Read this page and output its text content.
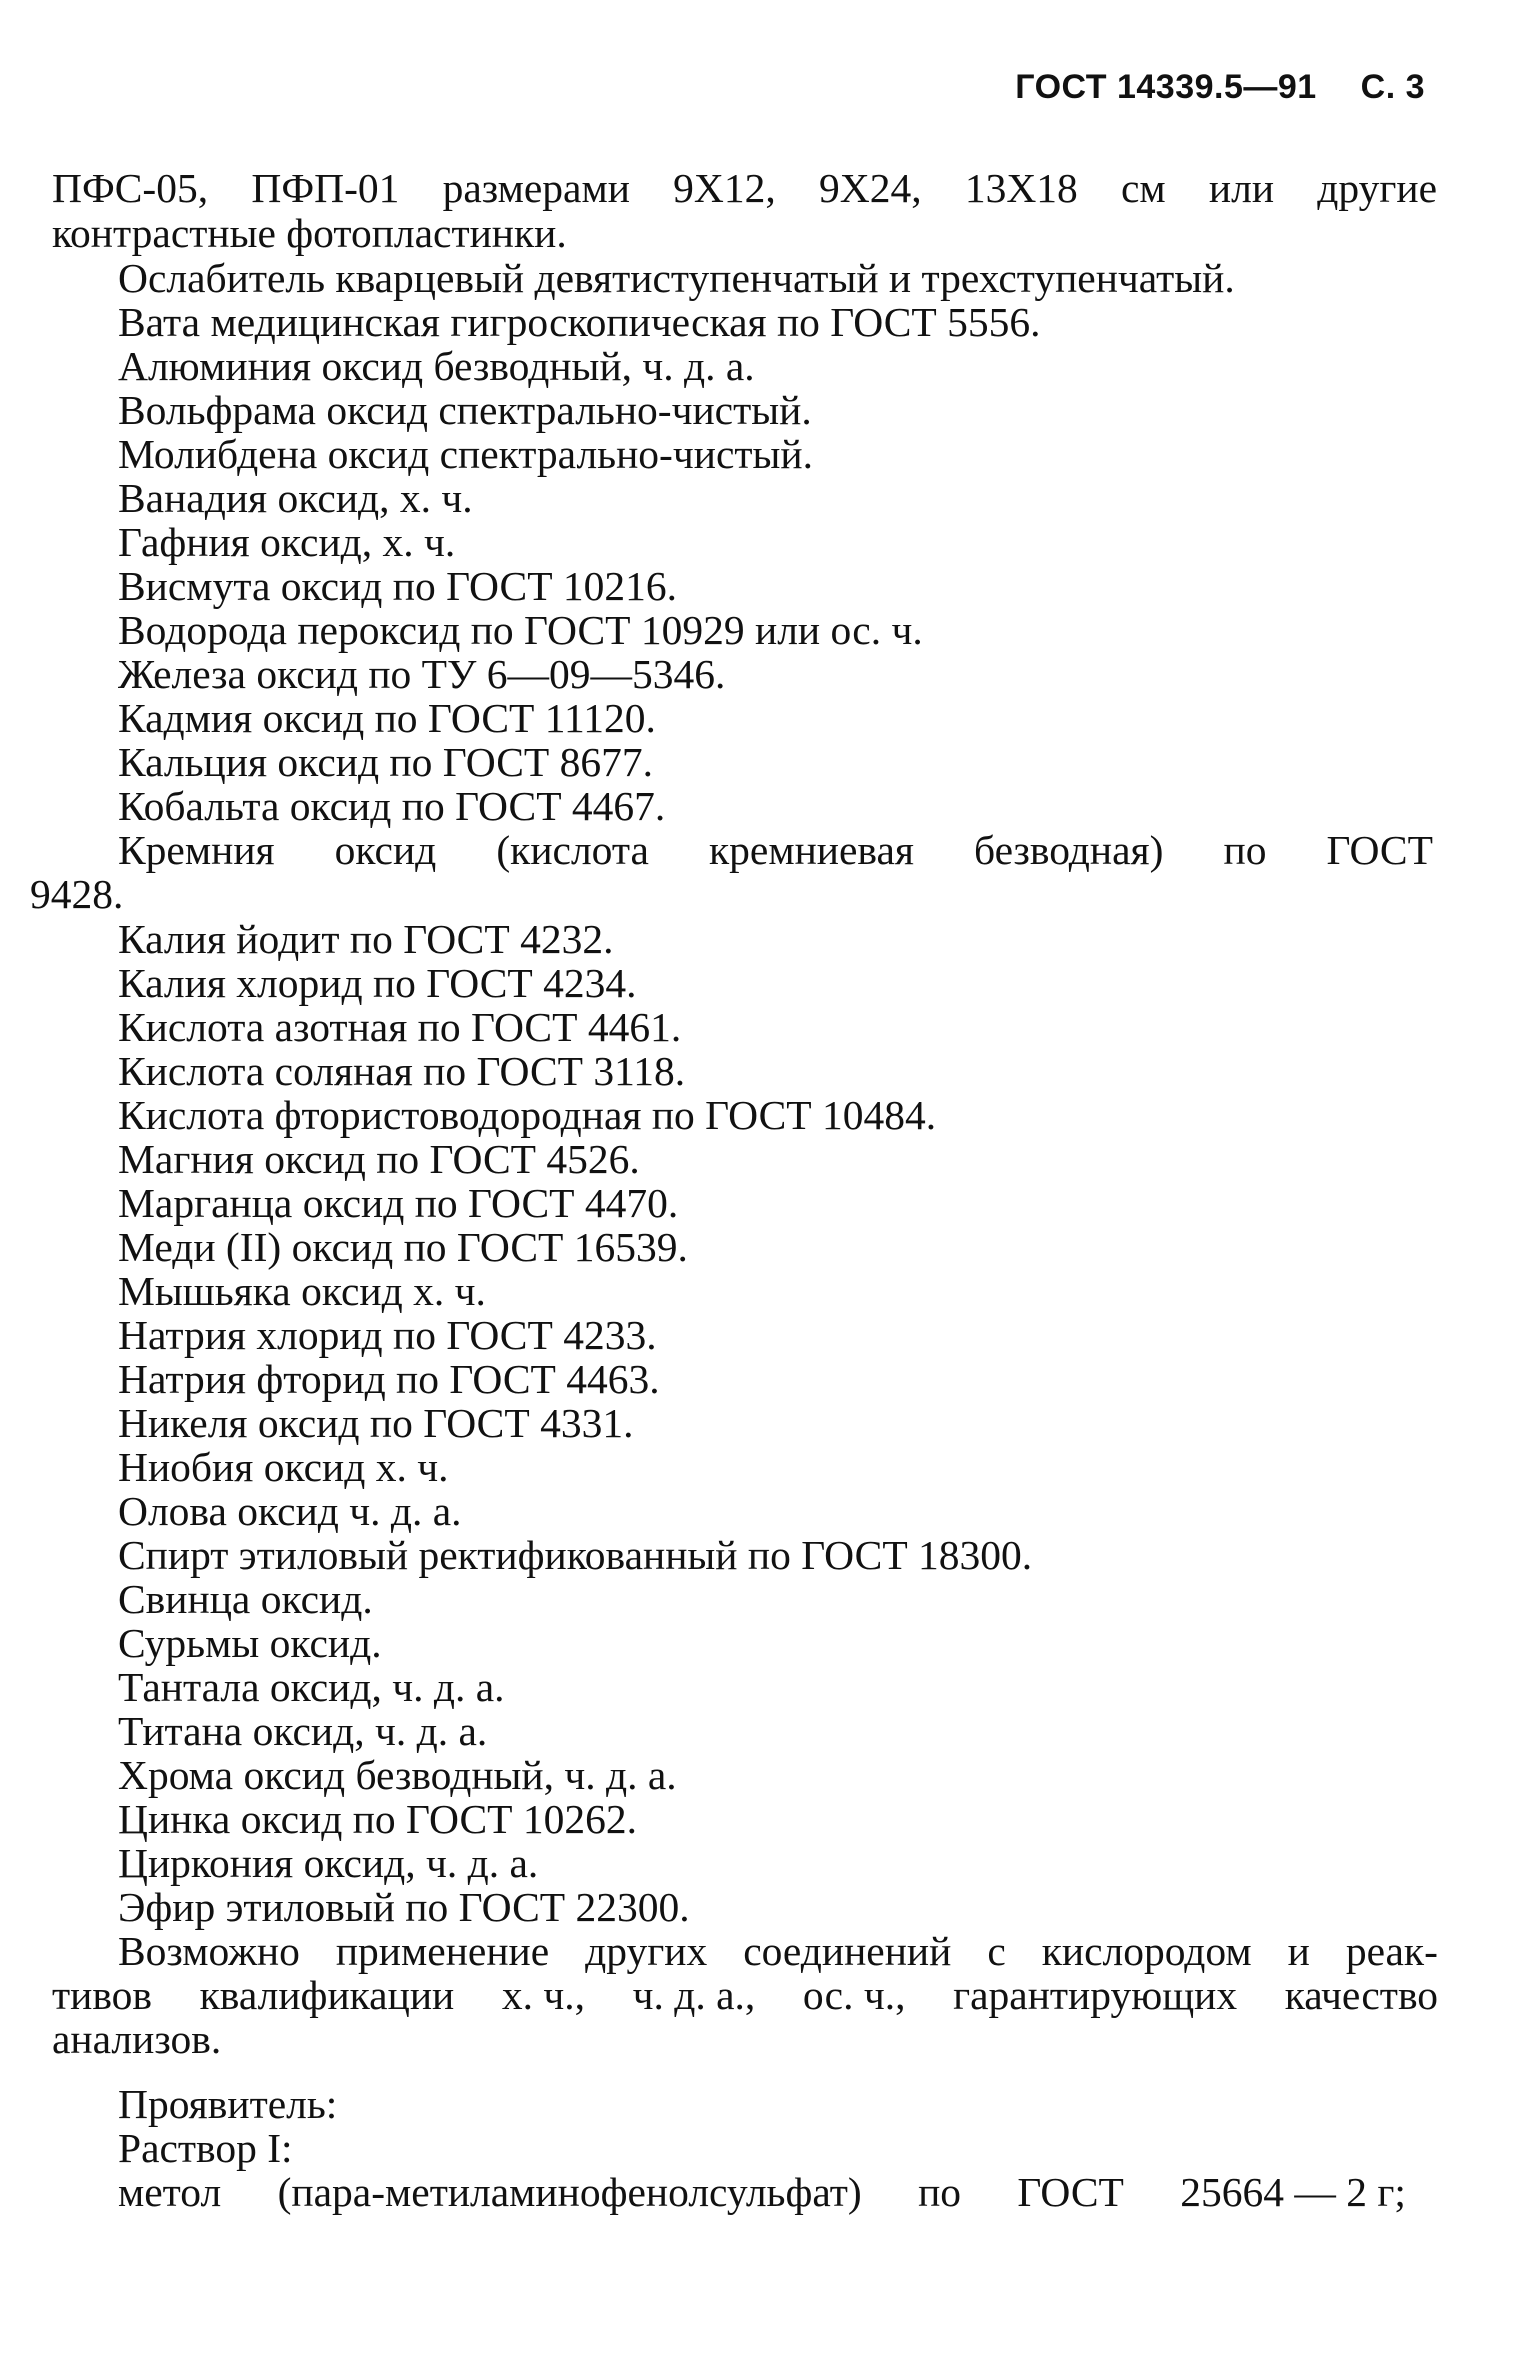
ГОСТ 14339.5—91 С. 3
ПФС-05, ПФП-01 размерами 9Х12, 9Х24, 13Х18 см или другие
контрастные фотопластинки.
Ослабитель кварцевый девятиступенчатый и трехступенчатый.
Вата медицинская гигроскопическая по ГОСТ 5556.
Алюминия оксид безводный, ч. д. а.
Вольфрама оксид спектрально-чистый.
Молибдена оксид спектрально-чистый.
Ванадия оксид, х. ч.
Гафния оксид, х. ч.
Висмута оксид по ГОСТ 10216.
Водорода пероксид по ГОСТ 10929 или ос. ч.
Железа оксид по ТУ 6—09—5346.
Кадмия оксид по ГОСТ 11120.
Кальция оксид по ГОСТ 8677.
Кобальта оксид по ГОСТ 4467.
Кремния оксид (кислота кремниевая безводная) по ГОСТ
9428.
Калия йодит по ГОСТ 4232.
Калия хлорид по ГОСТ 4234.
Кислота азотная по ГОСТ 4461.
Кислота соляная по ГОСТ 3118.
Кислота фтористоводородная по ГОСТ 10484.
Магния оксид по ГОСТ 4526.
Марганца оксид по ГОСТ 4470.
Меди (II) оксид по ГОСТ 16539.
Мышьяка оксид х. ч.
Натрия хлорид по ГОСТ 4233.
Натрия фторид по ГОСТ 4463.
Никеля оксид по ГОСТ 4331.
Ниобия оксид х. ч.
Олова оксид ч. д. а.
Спирт этиловый ректификованный по ГОСТ 18300.
Свинца оксид.
Сурьмы оксид.
Тантала оксид, ч. д. а.
Титана оксид, ч. д. а.
Хрома оксид безводный, ч. д. а.
Цинка оксид по ГОСТ 10262.
Циркония оксид, ч. д. а.
Эфир этиловый по ГОСТ 22300.
Возможно применение других соединений с кислородом и реак-
тивов квалификации х. ч., ч. д. а., ос. ч., гарантирующих качество
анализов.
Проявитель:
Раствор I:
метол (пара-метиламинофенолсульфат) по ГОСТ 25664 — 2 г;
